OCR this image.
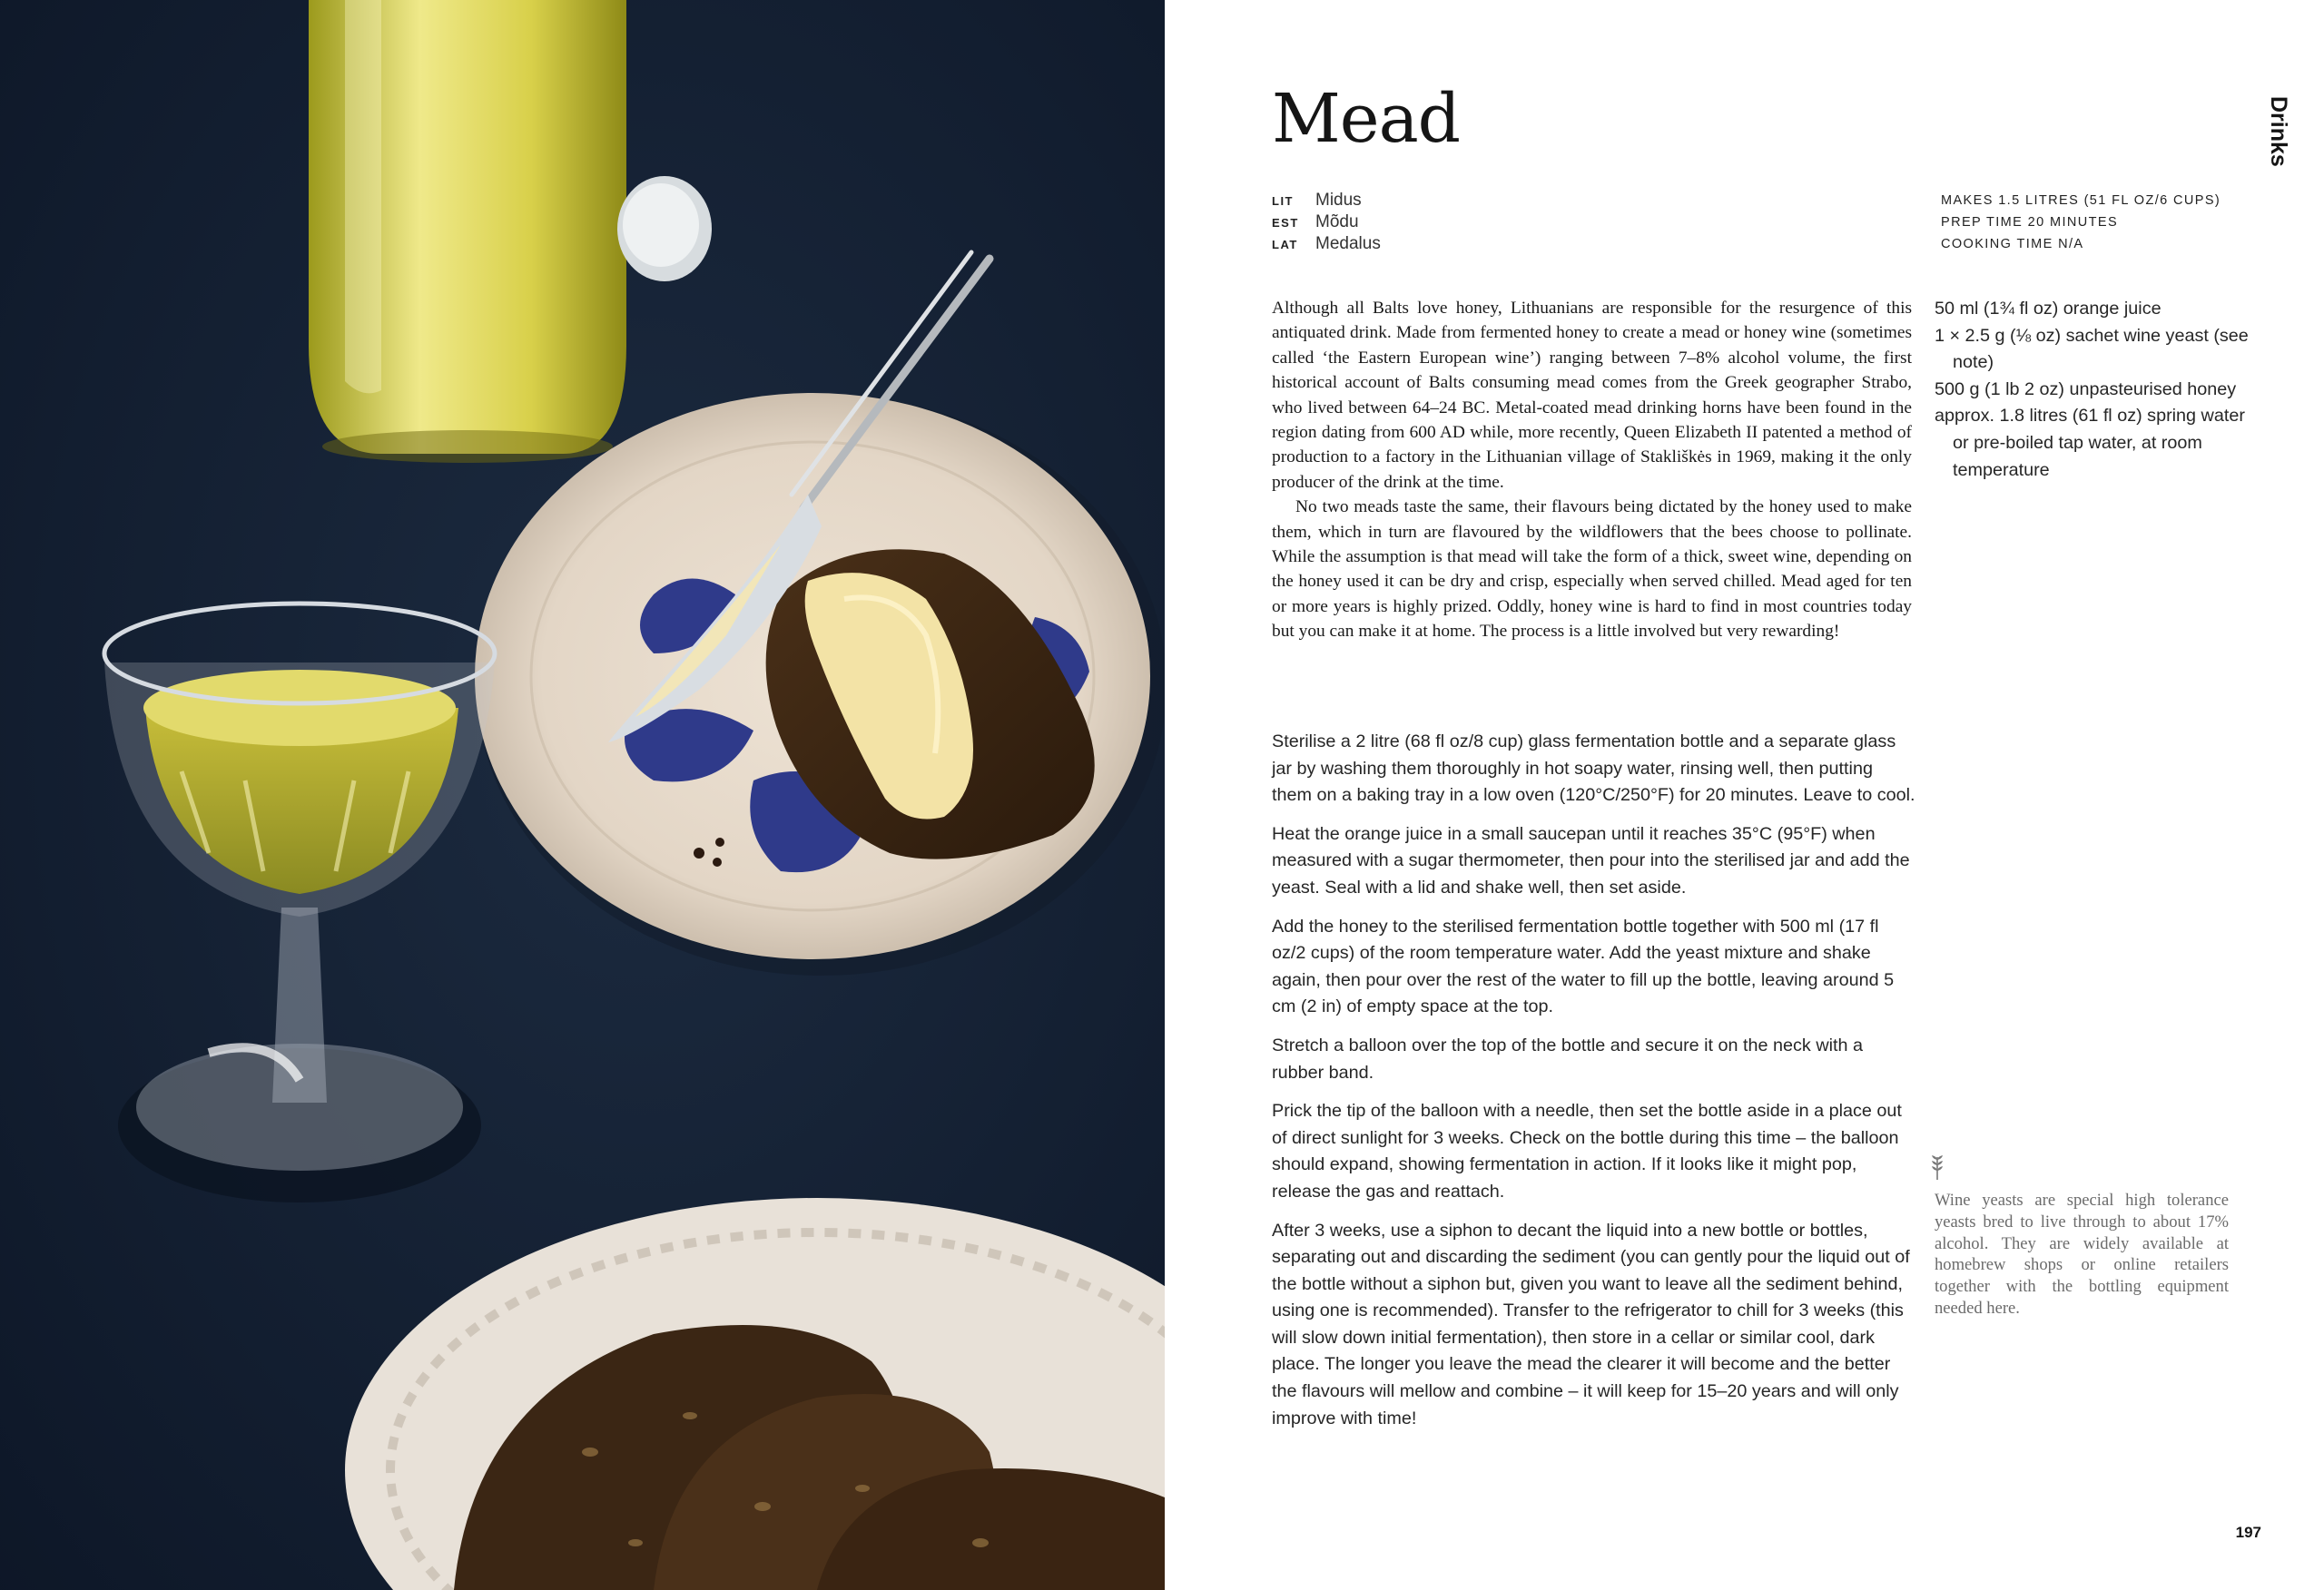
Drinks
Mead
LIT Midus
EST Mõdu
LAT Medalus
MAKES 1.5 LITRES (51 FL OZ/6 CUPS)
PREP TIME 20 MINUTES
COOKING TIME N/A

Although all Balts love honey, Lithuanians are responsible for the resurgence of this antiquated drink. Made from fermented honey to create a mead or honey wine (sometimes called ‘the Eastern European wine’) ranging between 7–8% alcohol volume, the first historical account of Balts consuming mead comes from the Greek geographer Strabo, who lived between 64–24 BC. Metal-coated mead drinking horns have been found in the region dating from 600 AD while, more recently, Queen Elizabeth II patented a method of production to a factory in the Lithuanian village of Stakliškės in 1969, making it the only producer of the drink at the time.

No two meads taste the same, their flavours being dictated by the honey used to make them, which in turn are flavoured by the wildflowers that the bees choose to pollinate. While the assumption is that mead will take the form of a thick, sweet wine, depending on the honey used it can be dry and crisp, especially when served chilled. Mead aged for ten or more years is highly prized. Oddly, honey wine is hard to find in most countries today but you can make it at home. The process is a little involved but very rewarding!

50 ml (1¾ fl oz) orange juice
1 × 2.5 g (⅛ oz) sachet wine yeast (see note)
500 g (1 lb 2 oz) unpasteurised honey
approx. 1.8 litres (61 fl oz) spring water or pre-boiled tap water, at room temperature

Sterilise a 2 litre (68 fl oz/8 cup) glass fermentation bottle and a separate glass jar by washing them thoroughly in hot soapy water, rinsing well, then putting them on a baking tray in a low oven (120°C/250°F) for 20 minutes. Leave to cool.

Heat the orange juice in a small saucepan until it reaches 35°C (95°F) when measured with a sugar thermometer, then pour into the sterilised jar and add the yeast. Seal with a lid and shake well, then set aside.

Add the honey to the sterilised fermentation bottle together with 500 ml (17 fl oz/2 cups) of the room temperature water. Add the yeast mixture and shake again, then pour over the rest of the water to fill up the bottle, leaving around 5 cm (2 in) of empty space at the top.

Stretch a balloon over the top of the bottle and secure it on the neck with a rubber band.

Prick the tip of the balloon with a needle, then set the bottle aside in a place out of direct sunlight for 3 weeks. Check on the bottle during this time – the balloon should expand, showing fermentation in action. If it looks like it might pop, release the gas and reattach.

After 3 weeks, use a siphon to decant the liquid into a new bottle or bottles, separating out and discarding the sediment (you can gently pour the liquid out of the bottle without a siphon but, given you want to leave all the sediment behind, using one is recommended). Transfer to the refrigerator to chill for 3 weeks (this will slow down initial fermentation), then store in a cellar or similar cool, dark place. The longer you leave the mead the clearer it will become and the better the flavours will mellow and combine – it will keep for 15–20 years and will only improve with time!

Wine yeasts are special high tolerance yeasts bred to live through to about 17% alcohol. They are widely available at homebrew shops or online retailers together with the bottling equipment needed here.

197
